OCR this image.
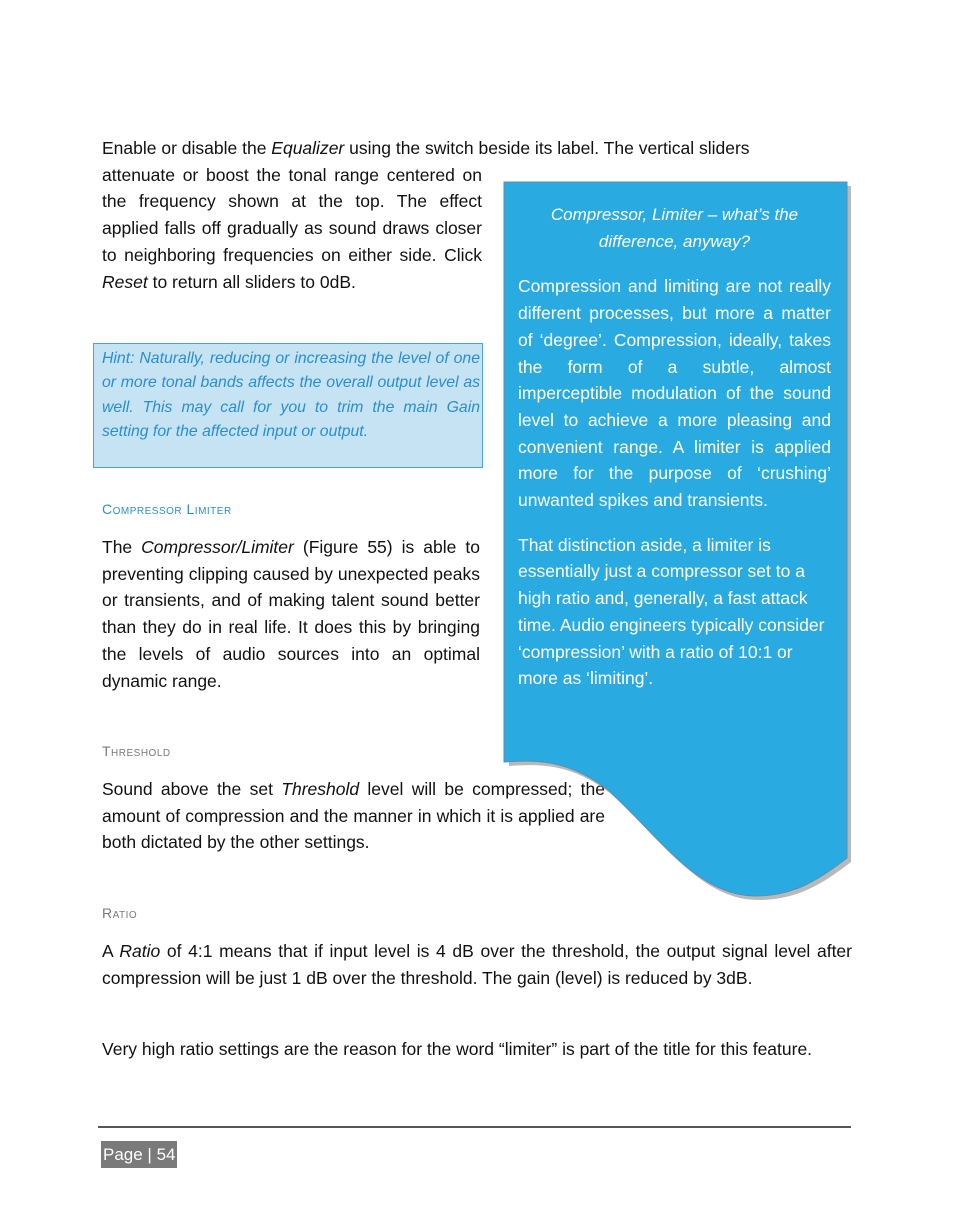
Enable or disable the Equalizer using the switch beside its label. The vertical sliders
attenuate or boost the tonal range centered on the frequency shown at the top. The effect applied falls off gradually as sound draws closer to neighboring frequencies on either side. Click Reset to return all sliders to 0dB.

Hint: Naturally, reducing or increasing the level of one or more tonal bands affects the overall output level as well. This may call for you to trim the main Gain setting for the affected input or output.
Compressor Limiter

The Compressor/Limiter (Figure 55) is able to preventing clipping caused by unexpected peaks or transients, and of making talent sound better than they do in real life. It does this by bringing the levels of audio sources into an optimal dynamic range.

Threshold

Sound above the set Threshold level will be compressed; the amount of compression and the manner in which it is applied are both dictated by the other settings.

Ratio

A Ratio of 4:1 means that if input level is 4 dB over the threshold, the output signal level after compression will be just 1 dB over the threshold. The gain (level) is reduced by 3dB.

Very high ratio settings are the reason for the word “limiter” is part of the title for this feature.

Compressor, Limiter – what’s the difference, anyway?

Compression and limiting are not really different processes, but more a matter of ‘degree’. Compression, ideally, takes the form of a subtle, almost imperceptible modulation of the sound level to achieve a more pleasing and convenient range. A limiter is applied more for the purpose of ‘crushing’ unwanted spikes and transients.

That distinction aside, a limiter is essentially just a compressor set to a high ratio and, generally, a fast attack time. Audio engineers typically consider ‘compression’ with a ratio of 10:1 or more as ‘limiting’.

Page | 54
